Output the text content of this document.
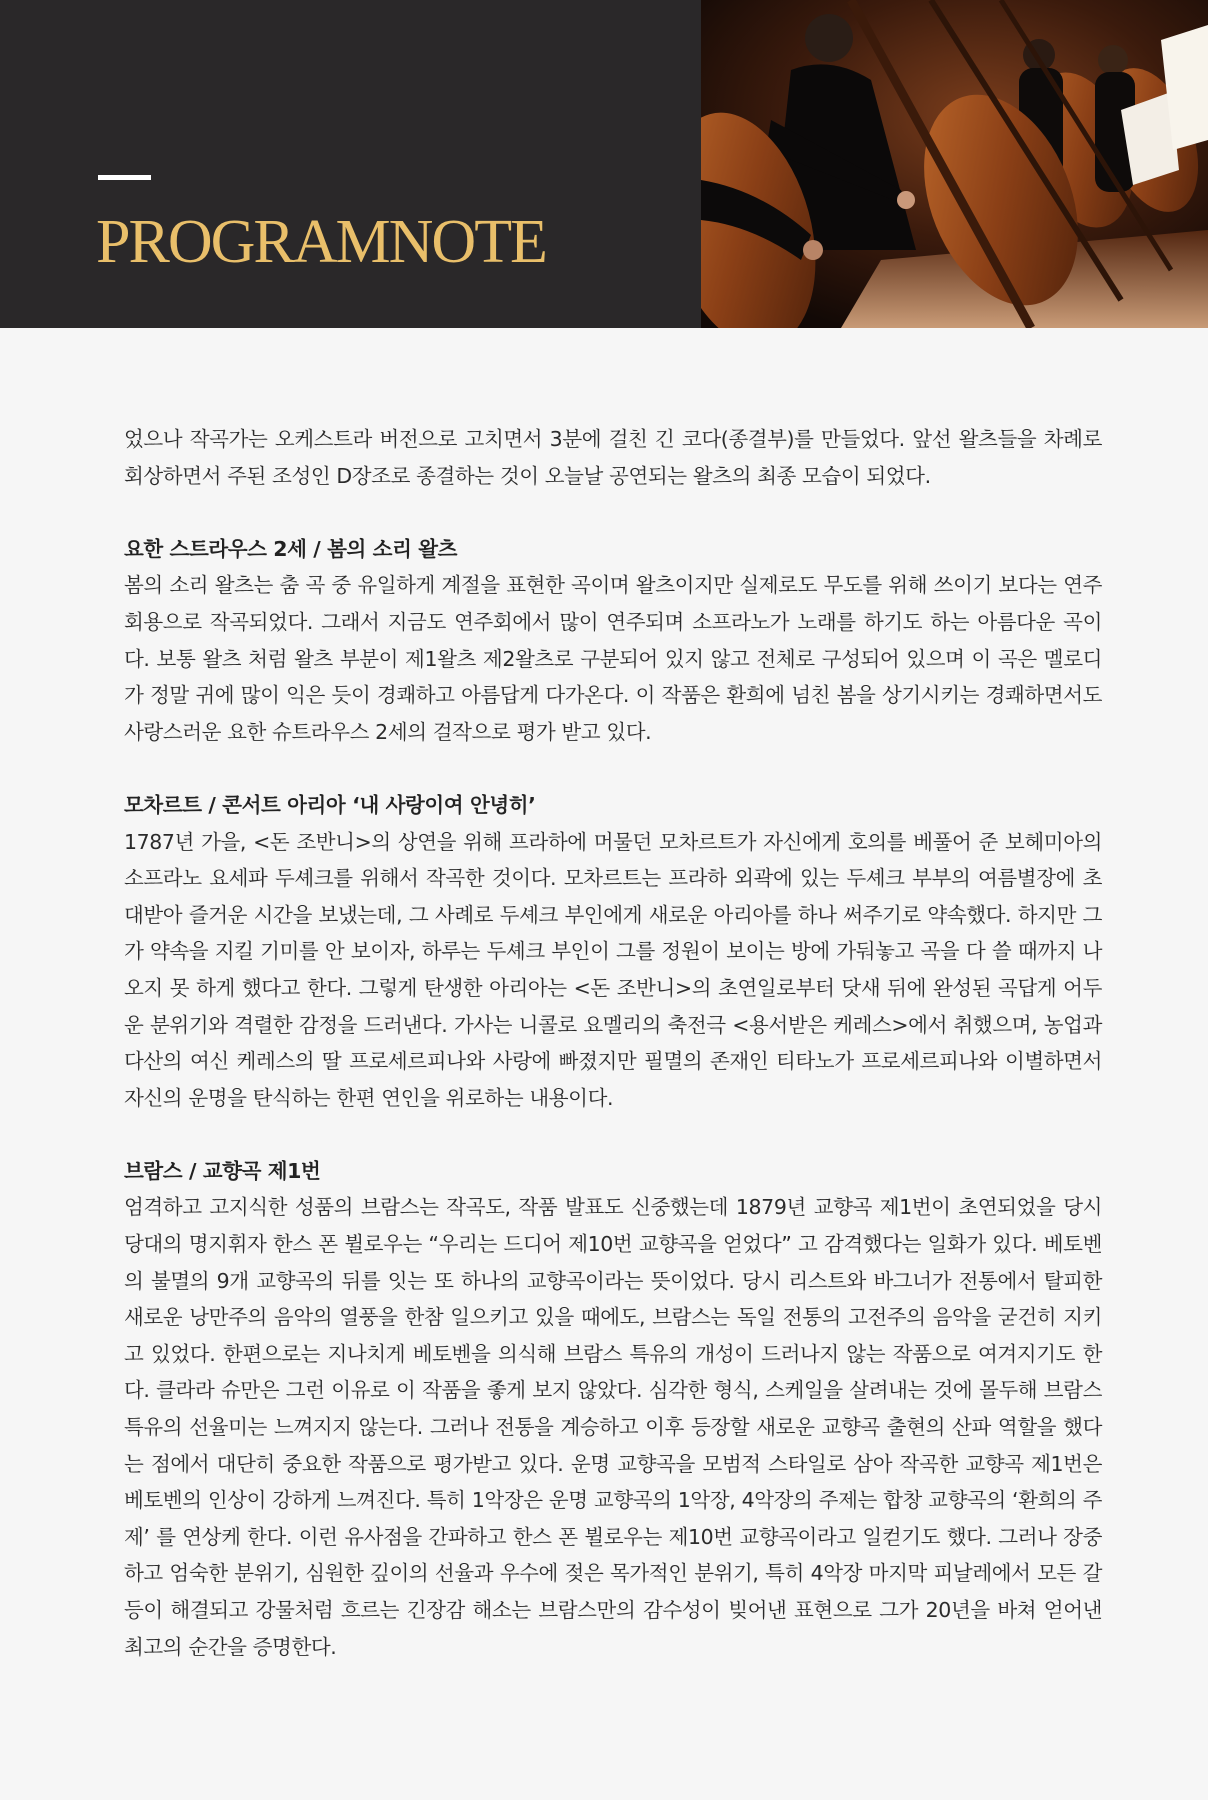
PROGRAMNOTE

었으나 작곡가는 오케스트라 버전으로 고치면서 3분에 걸친 긴 코다(종결부)를 만들었다. 앞선 왈츠들을 차례로 회상하면서 주된 조성인 D장조로 종결하는 것이 오늘날 공연되는 왈츠의 최종 모습이 되었다.

요한 스트라우스 2세 / 봄의 소리 왈츠

봄의 소리 왈츠는 춤 곡 중 유일하게 계절을 표현한 곡이며 왈츠이지만 실제로도 무도를 위해 쓰이기 보다는 연주회용으로 작곡되었다. 그래서 지금도 연주회에서 많이 연주되며 소프라노가 노래를 하기도 하는 아름다운 곡이다. 보통 왈츠 처럼 왈츠 부분이 제1왈츠 제2왈츠로 구분되어 있지 않고 전체로 구성되어 있으며 이 곡은 멜로디가 정말 귀에 많이 익은 듯이 경쾌하고 아름답게 다가온다. 이 작품은 환희에 넘친 봄을 상기시키는 경쾌하면서도 사랑스러운 요한 슈트라우스 2세의 걸작으로 평가 받고 있다.

모차르트 / 콘서트 아리아 ‘내 사랑이여 안녕히’

1787년 가을, <돈 조반니>의 상연을 위해 프라하에 머물던 모차르트가 자신에게 호의를 베풀어 준 보헤미아의 소프라노 요세파 두셰크를 위해서 작곡한 것이다. 모차르트는 프라하 외곽에 있는 두셰크 부부의 여름별장에 초대받아 즐거운 시간을 보냈는데, 그 사례로 두셰크 부인에게 새로운 아리아를 하나 써주기로 약속했다. 하지만 그가 약속을 지킬 기미를 안 보이자, 하루는 두셰크 부인이 그를 정원이 보이는 방에 가둬놓고 곡을 다 쓸 때까지 나오지 못 하게 했다고 한다. 그렇게 탄생한 아리아는 <돈 조반니>의 초연일로부터 닷새 뒤에 완성된 곡답게 어두운 분위기와 격렬한 감정을 드러낸다. 가사는 니콜로 요멜리의 축전극 <용서받은 케레스>에서 취했으며, 농업과 다산의 여신 케레스의 딸 프로세르피나와 사랑에 빠졌지만 필멸의 존재인 티타노가 프로세르피나와 이별하면서 자신의 운명을 탄식하는 한편 연인을 위로하는 내용이다.

브람스 / 교향곡 제1번

엄격하고 고지식한 성품의 브람스는 작곡도, 작품 발표도 신중했는데 1879년 교향곡 제1번이 초연되었을 당시 당대의 명지휘자 한스 폰 뷜로우는 “우리는 드디어 제10번 교향곡을 얻었다” 고 감격했다는 일화가 있다. 베토벤의 불멸의 9개 교향곡의 뒤를 잇는 또 하나의 교향곡이라는 뜻이었다. 당시 리스트와 바그너가 전통에서 탈피한 새로운 낭만주의 음악의 열풍을 한참 일으키고 있을 때에도, 브람스는 독일 전통의 고전주의 음악을 굳건히 지키고 있었다. 한편으로는 지나치게 베토벤을 의식해 브람스 특유의 개성이 드러나지 않는 작품으로 여겨지기도 한다. 클라라 슈만은 그런 이유로 이 작품을 좋게 보지 않았다. 심각한 형식, 스케일을 살려내는 것에 몰두해 브람스 특유의 선율미는 느껴지지 않는다. 그러나 전통을 계승하고 이후 등장할 새로운 교향곡 출현의 산파 역할을 했다는 점에서 대단히 중요한 작품으로 평가받고 있다. 운명 교향곡을 모범적 스타일로 삼아 작곡한 교향곡 제1번은 베토벤의 인상이 강하게 느껴진다. 특히 1악장은 운명 교향곡의 1악장, 4악장의 주제는 합창 교향곡의 ‘환희의 주제’ 를 연상케 한다. 이런 유사점을 간파하고 한스 폰 뷜로우는 제10번 교향곡이라고 일컫기도 했다. 그러나 장중하고 엄숙한 분위기, 심원한 깊이의 선율과 우수에 젖은 목가적인 분위기, 특히 4악장 마지막 피날레에서 모든 갈등이 해결되고 강물처럼 흐르는 긴장감 해소는 브람스만의 감수성이 빚어낸 표현으로 그가 20년을 바쳐 얻어낸 최고의 순간을 증명한다.
